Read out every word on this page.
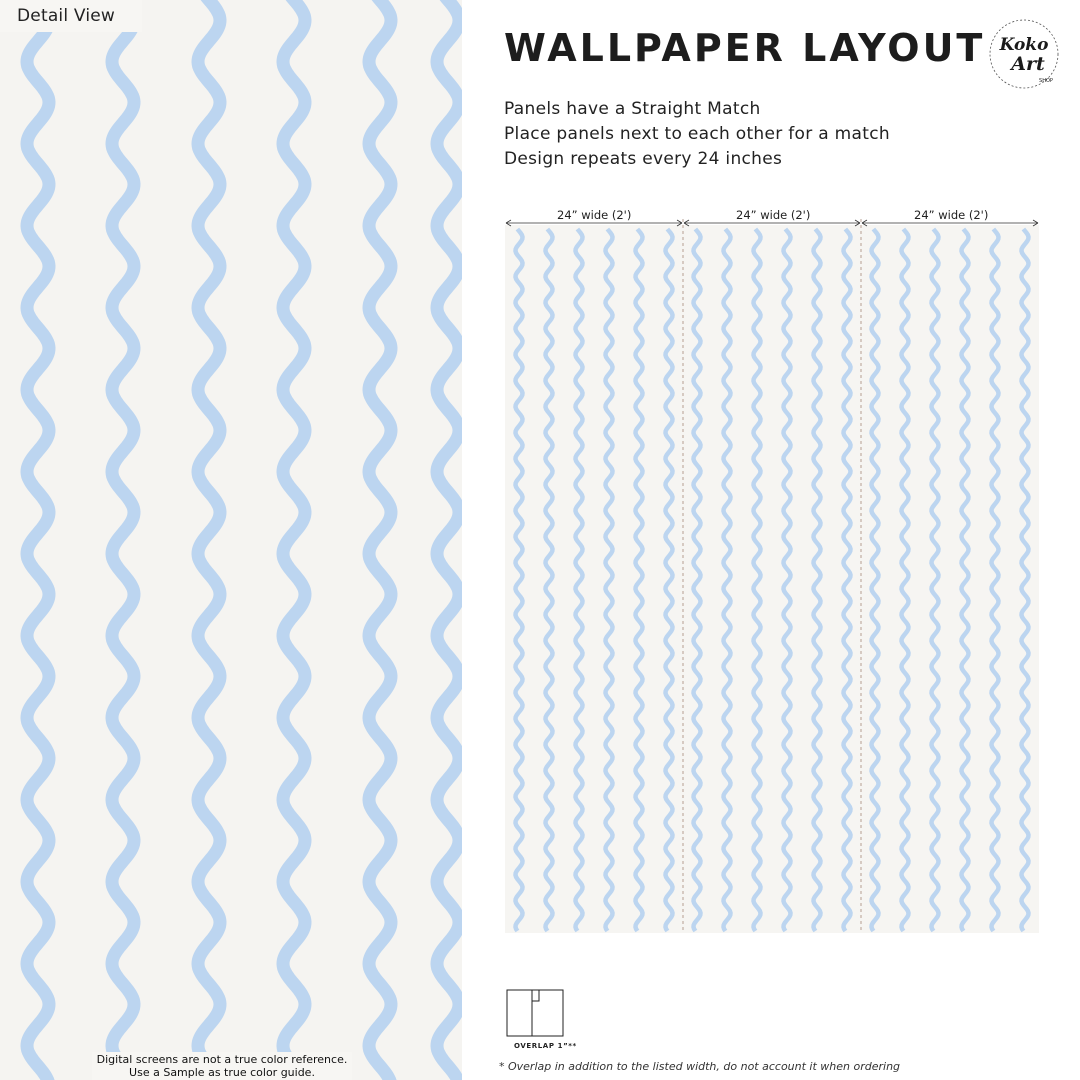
Detail View
Digital screens are not a true color reference.
Use a Sample as true color guide.
WALLPAPER LAYOUT Koko
Art
SHOP
Panels have a Straight Match
Place panels next to each other for a match
Design repeats every 24 inches
24” wide (2')	24” wide (2')	24” wide (2')
OVERLAP 1”**
* Overlap in addition to the listed width, do not account it when ordering
